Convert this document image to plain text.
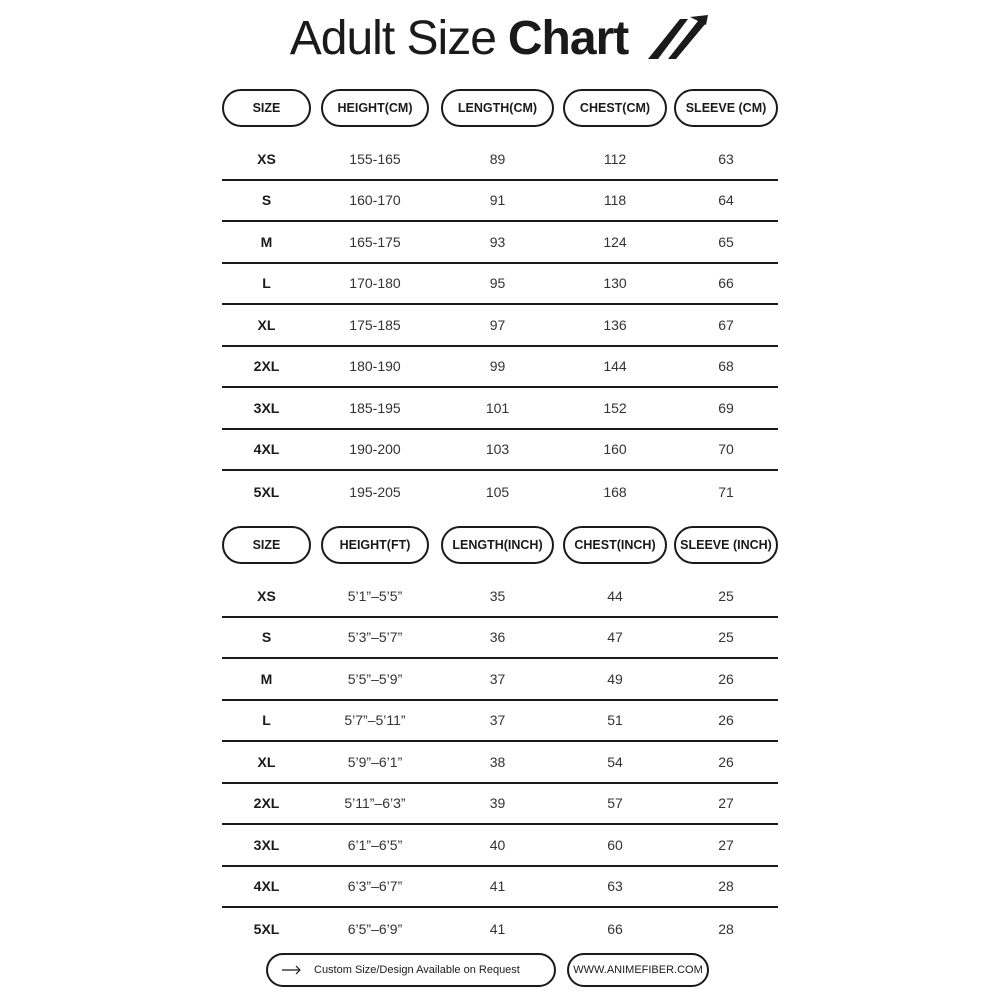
Adult Size Chart
SIZE	HEIGHT(CM)	LENGTH(CM)	CHEST(CM)	SLEEVE (CM)
XS	155-165	89	112	63
S	160-170	91	118	64
M	165-175	93	124	65
L	170-180	95	130	66
XL	175-185	97	136	67
2XL	180-190	99	144	68
3XL	185-195	101	152	69
4XL	190-200	103	160	70
5XL	195-205	105	168	71
SIZE	HEIGHT(FT)	LENGTH(INCH)	CHEST(INCH)	SLEEVE (INCH)
XS	5’1”–5’5”	35	44	25
S	5’3”–5’7”	36	47	25
M	5’5”–5’9”	37	49	26
L	5’7”–5’11”	37	51	26
XL	5’9”–6’1”	38	54	26
2XL	5’11”–6’3”	39	57	27
3XL	6’1”–6’5”	40	60	27
4XL	6’3”–6’7”	41	63	28
5XL	6’5”–6’9”	41	66	28
Custom Size/Design Available on Request	WWW.ANIMEFIBER.COM
